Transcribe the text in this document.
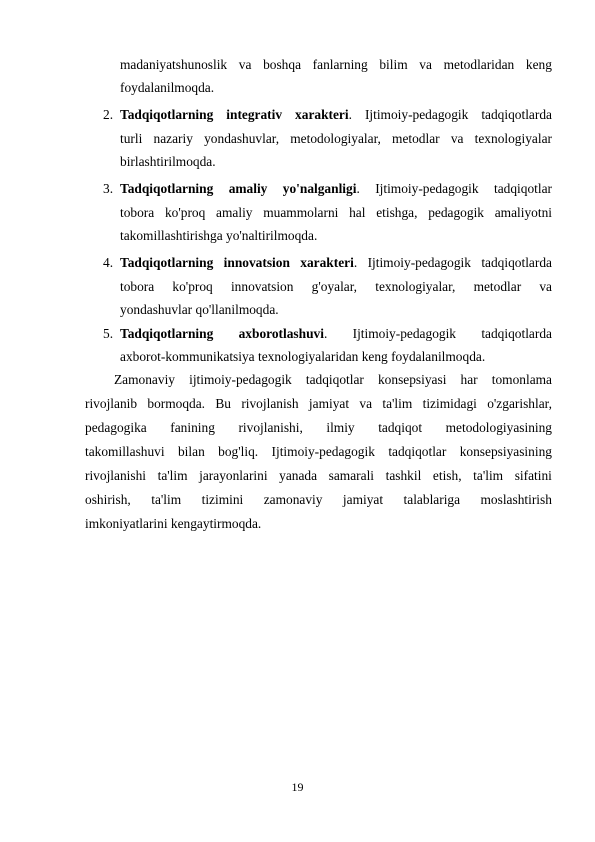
madaniyatshunoslik va boshqa fanlarning bilim va metodlaridan keng
foydalanilmoqda.
2. Tadqiqotlarning integrativ xarakteri. Ijtimoiy-pedagogik tadqiqotlarda
turli nazariy yondashuvlar, metodologiyalar, metodlar va texnologiyalar
birlashtirilmoqda.
3. Tadqiqotlarning amaliy yo'nalganligi. Ijtimoiy-pedagogik tadqiqotlar
tobora ko'proq amaliy muammolarni hal etishga, pedagogik amaliyotni
takomillashtirishga yo'naltirilmoqda.
4. Tadqiqotlarning innovatsion xarakteri. Ijtimoiy-pedagogik tadqiqotlarda
tobora ko'proq innovatsion g'oyalar, texnologiyalar, metodlar va
yondashuvlar qo'llanilmoqda.
5. Tadqiqotlarning axborotlashuvi. Ijtimoiy-pedagogik tadqiqotlarda
axborot-kommunikatsiya texnologiyalaridan keng foydalanilmoqda.
Zamonaviy ijtimoiy-pedagogik tadqiqotlar konsepsiyasi har tomonlama
rivojlanib bormoqda. Bu rivojlanish jamiyat va ta'lim tizimidagi o'zgarishlar,
pedagogika fanining rivojlanishi, ilmiy tadqiqot metodologiyasining
takomillashuvi bilan bog'liq. Ijtimoiy-pedagogik tadqiqotlar konsepsiyasining
rivojlanishi ta'lim jarayonlarini yanada samarali tashkil etish, ta'lim sifatini
oshirish, ta'lim tizimini zamonaviy jamiyat talablariga moslashtirish
imkoniyatlarini kengaytirmoqda.
19
